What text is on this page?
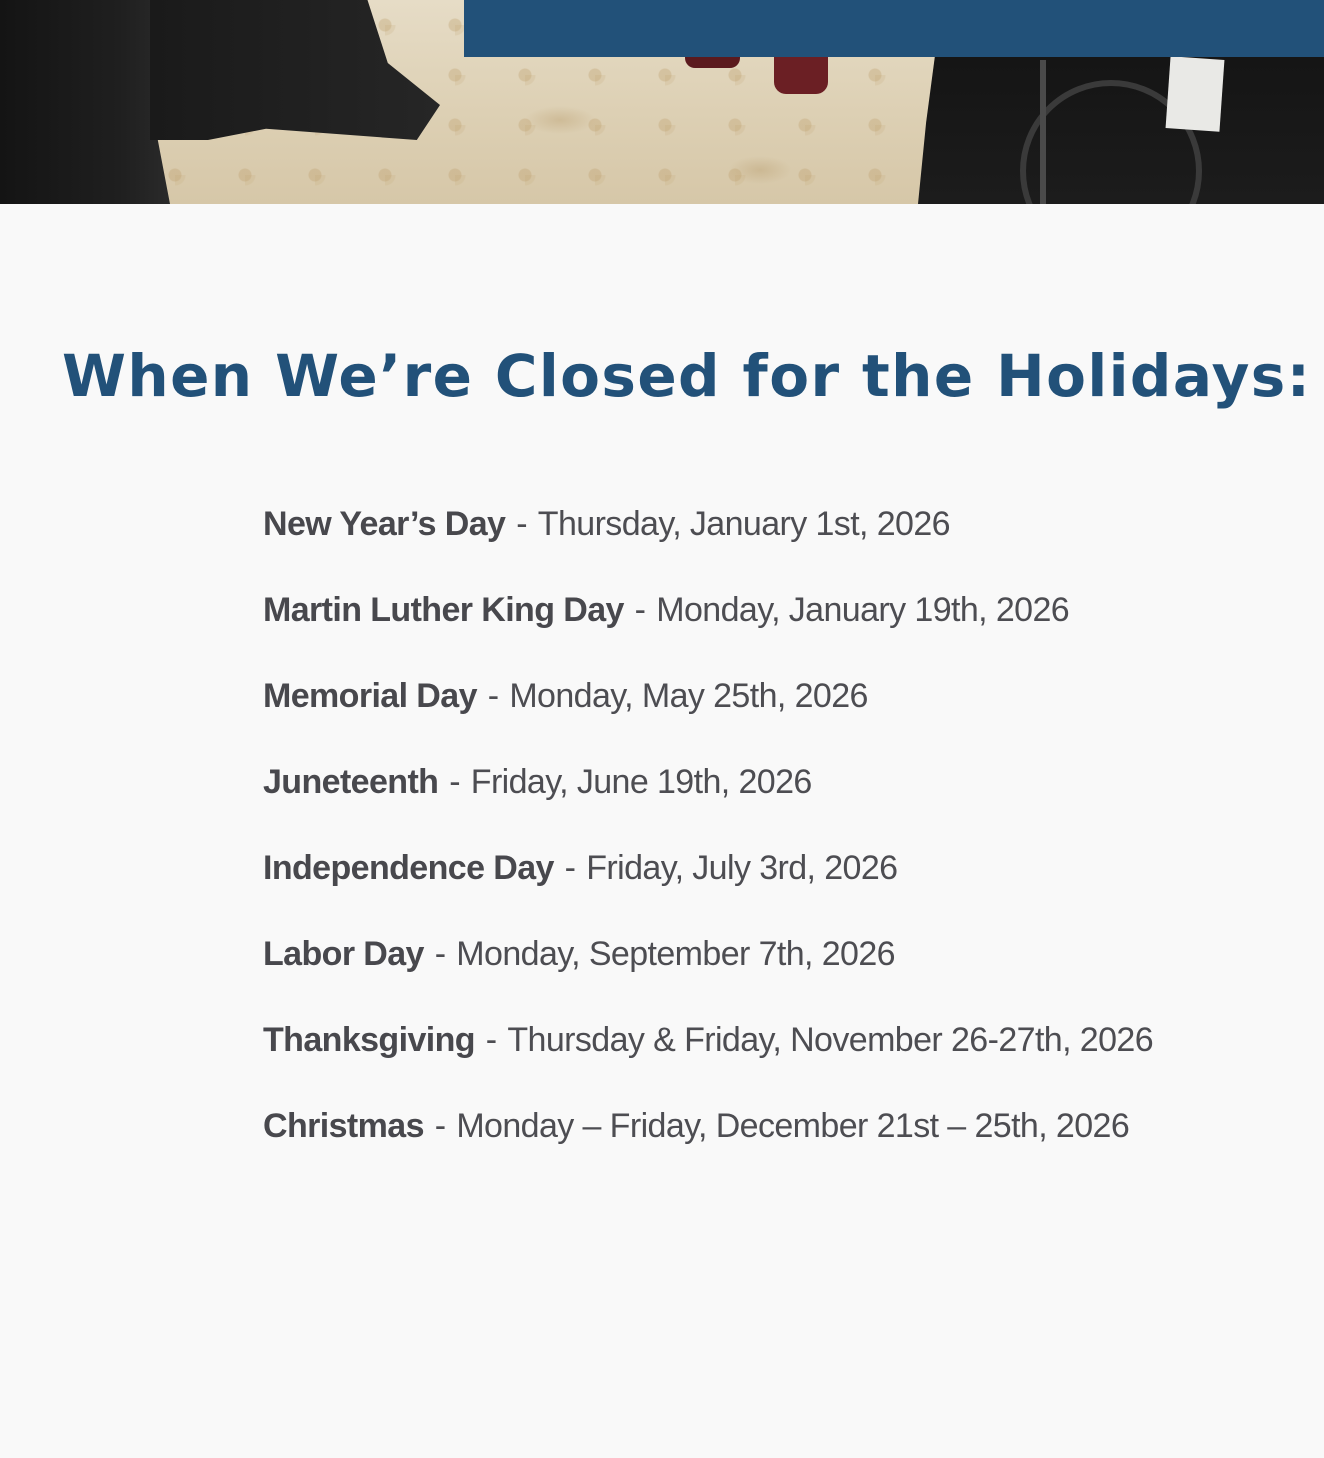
When We’re Closed for the Holidays:
New Year’s Day - Thursday, January 1st, 2026
Martin Luther King Day - Monday, January 19th, 2026
Memorial Day - Monday, May 25th, 2026
Juneteenth - Friday, June 19th, 2026
Independence Day - Friday, July 3rd, 2026
Labor Day - Monday, September 7th, 2026
Thanksgiving - Thursday & Friday, November 26-27th, 2026
Christmas - Monday – Friday, December 21st – 25th, 2026
